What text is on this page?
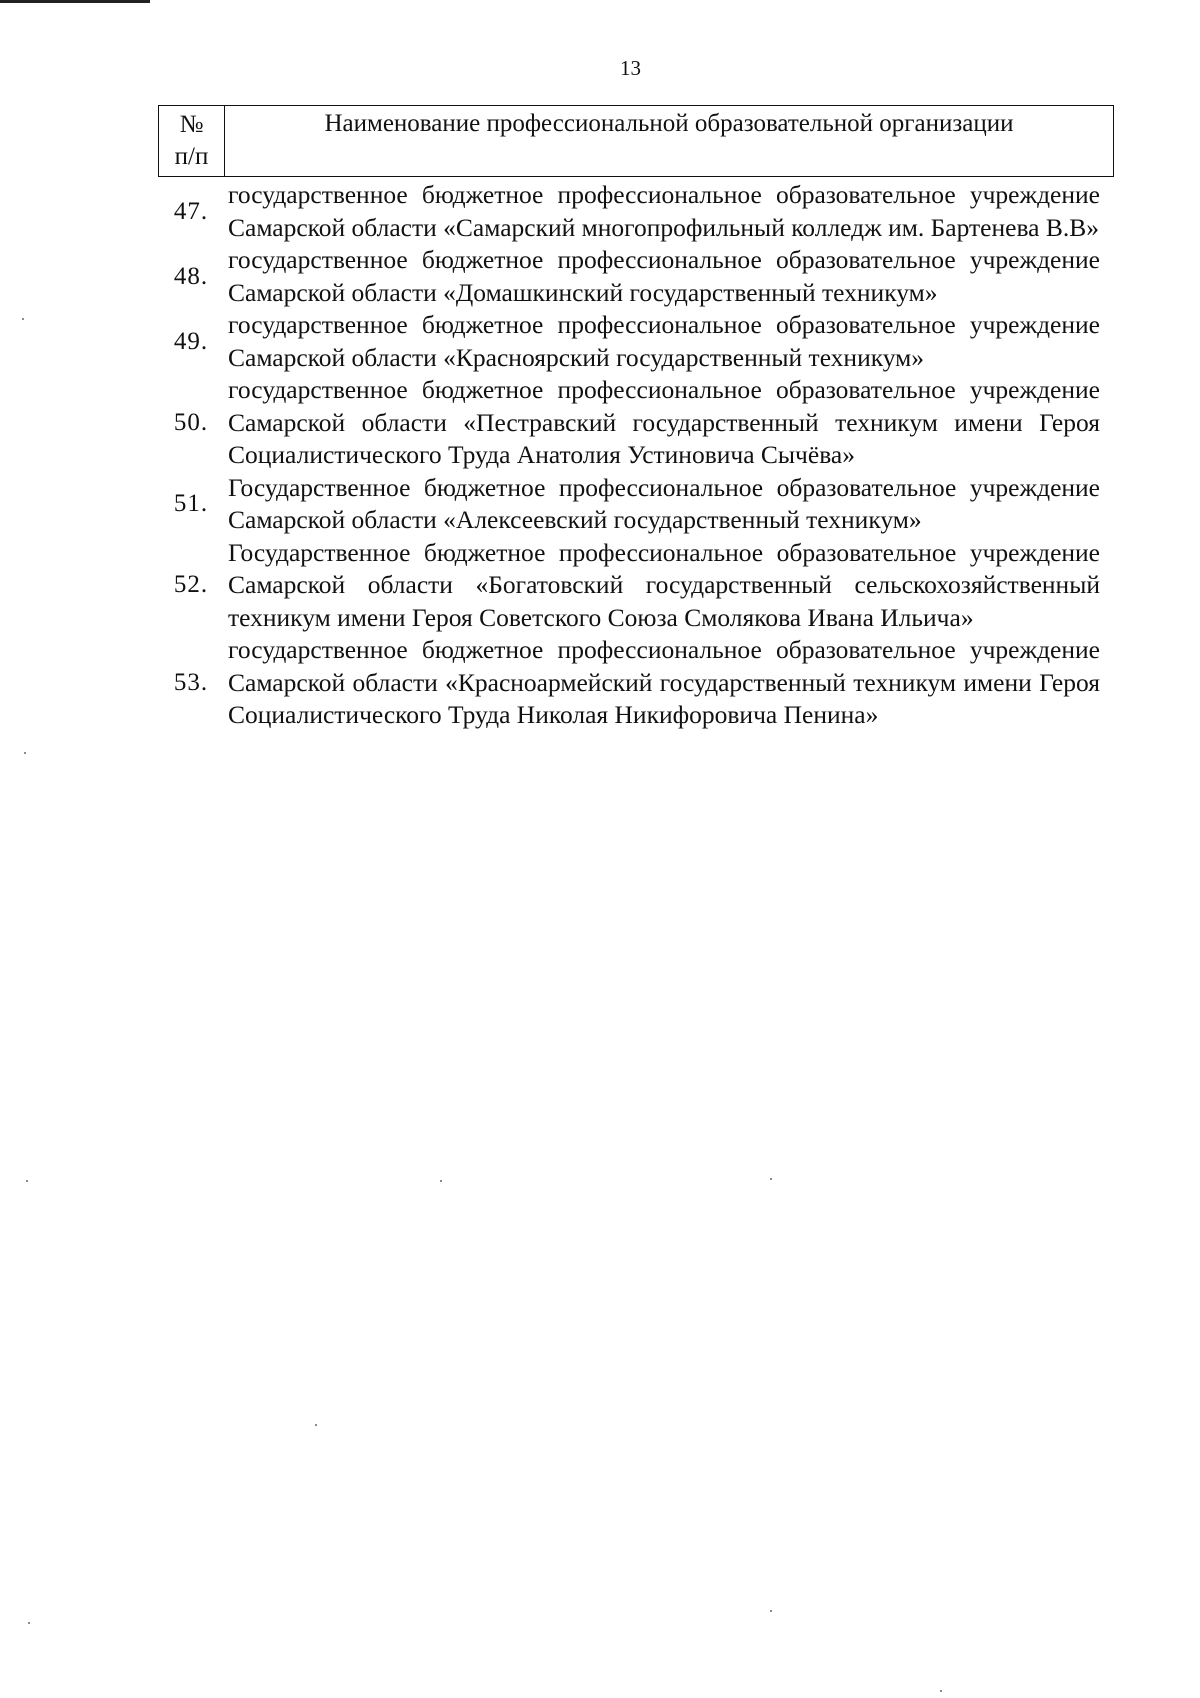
13
№
п/п
Наименование профессиональной образовательной организации
47.
государственное бюджетное профессиональное образовательное учреждение Самарской области «Самарский многопрофильный колледж им. Бартенева В.В»
48.
государственное бюджетное профессиональное образовательное учреждение Самарской области «Домашкинский государственный техникум»
49.
государственное бюджетное профессиональное образовательное учреждение Самарской области «Красноярский государственный техникум»
50.
государственное бюджетное профессиональное образовательное учреждение Самарской области «Пестравский государственный техникум имени Героя Социалистического Труда Анатолия Устиновича Сычёва»
51.
Государственное бюджетное профессиональное образовательное учреждение Самарской области «Алексеевский государственный техникум»
52.
Государственное бюджетное профессиональное образовательное учреждение Самарской области «Богатовский государственный сельскохозяйственный техникум имени Героя Советского Союза Смолякова Ивана Ильича»
53.
государственное бюджетное профессиональное образовательное учреждение Самарской области «Красноармейский государственный техникум имени Героя Социалистического Труда Николая Никифоровича Пенина»
